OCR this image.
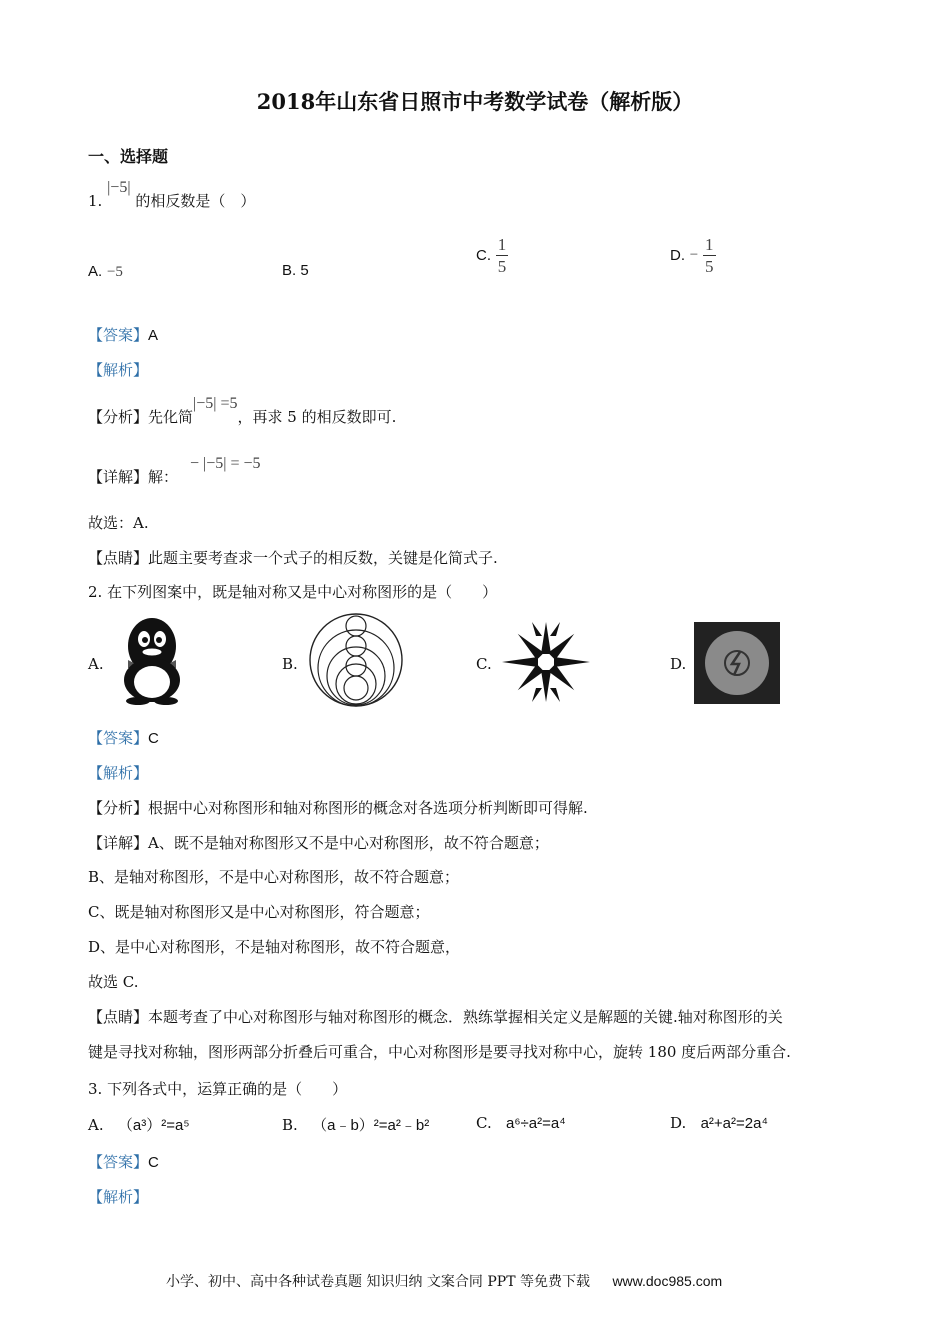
2018年山东省日照市中考数学试卷（解析版）
一、选择题
1. |−5| 的相反数是（　）
A. −5	B. 5
C. $\frac{1}{5}$	D. − $\frac{1}{5}$
【答案】A
【解析】
【分析】先化简|−5| =5，再求 5 的相反数即可.
【详解】解：− |−5| = −5
故选：A.
【点睛】此题主要考查求一个式子的相反数，关键是化简式子.
2. 在下列图案中，既是轴对称又是中心对称图形的是（　　）
A.	B.	C.	D.
【答案】C
【解析】
【分析】根据中心对称图形和轴对称图形的概念对各选项分析判断即可得解.
【详解】A、既不是轴对称图形又不是中心对称图形，故不符合题意；
B、是轴对称图形，不是中心对称图形，故不符合题意；
C、既是轴对称图形又是中心对称图形，符合题意；
D、是中心对称图形，不是轴对称图形，故不符合题意，
故选 C.
【点睛】本题考查了中心对称图形与轴对称图形的概念．熟练掌握相关定义是解题的关键.轴对称图形的关
键是寻找对称轴，图形两部分折叠后可重合，中心对称图形是要寻找对称中心，旋转 180 度后两部分重合.
3. 下列各式中，运算正确的是（　　）
A. （a³）²=a⁵	B. （a﹣b）²=a²﹣b²	C. a⁶÷a²=a⁴	D. a²+a²=2a⁴
【答案】C
【解析】
小学、初中、高中各种试卷真题 知识归纳 文案合同 PPT 等免费下载 www.doc985.com
